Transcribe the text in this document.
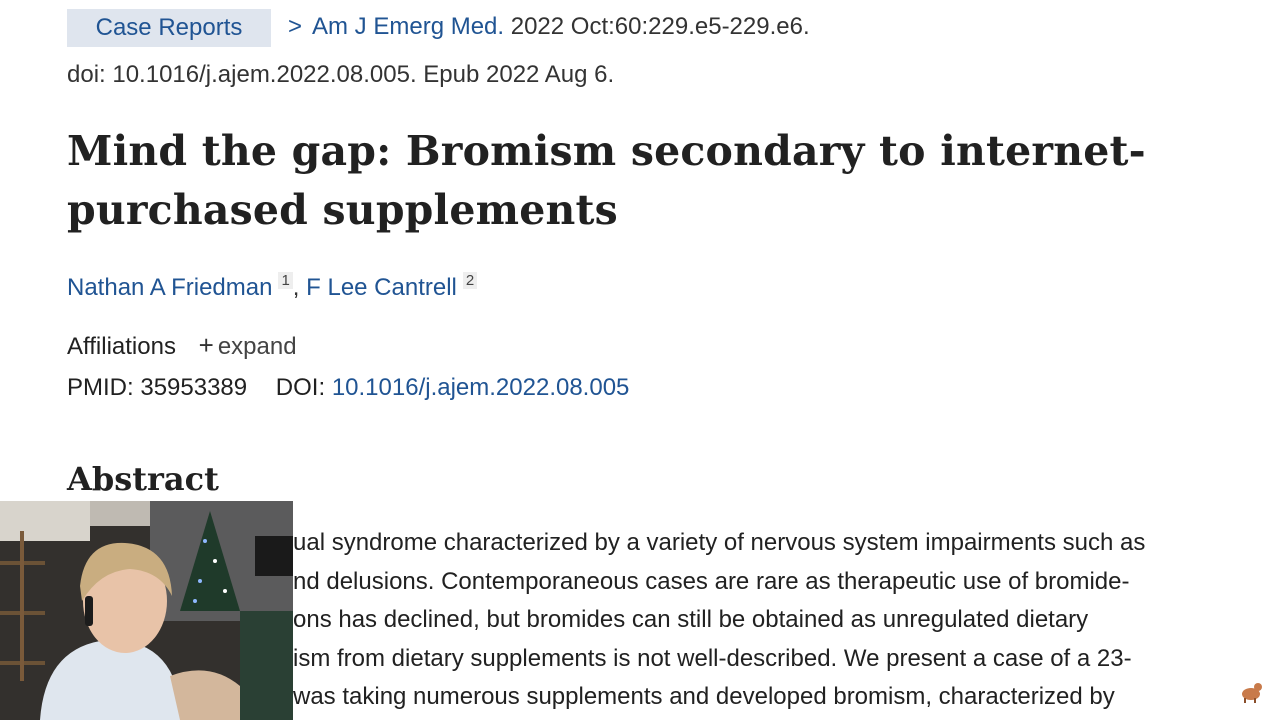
Case Reports > Am J Emerg Med. 2022 Oct:60:229.e5-229.e6.
doi: 10.1016/j.ajem.2022.08.005. Epub 2022 Aug 6.
Mind the gap: Bromism secondary to internet-purchased supplements
Nathan A Friedman $^1$ , F Lee Cantrell $^2$
Affiliations + expand
PMID: 35953389 DOI: 10.1016/j.ajem.2022.08.005
Abstract
ual syndrome characterized by a variety of nervous system impairments such as
nd delusions. Contemporaneous cases are rare as therapeutic use of bromide-
ons has declined, but bromides can still be obtained as unregulated dietary
ism from dietary supplements is not well-described. We present a case of a 23-
was taking numerous supplements and developed bromism, characterized by
